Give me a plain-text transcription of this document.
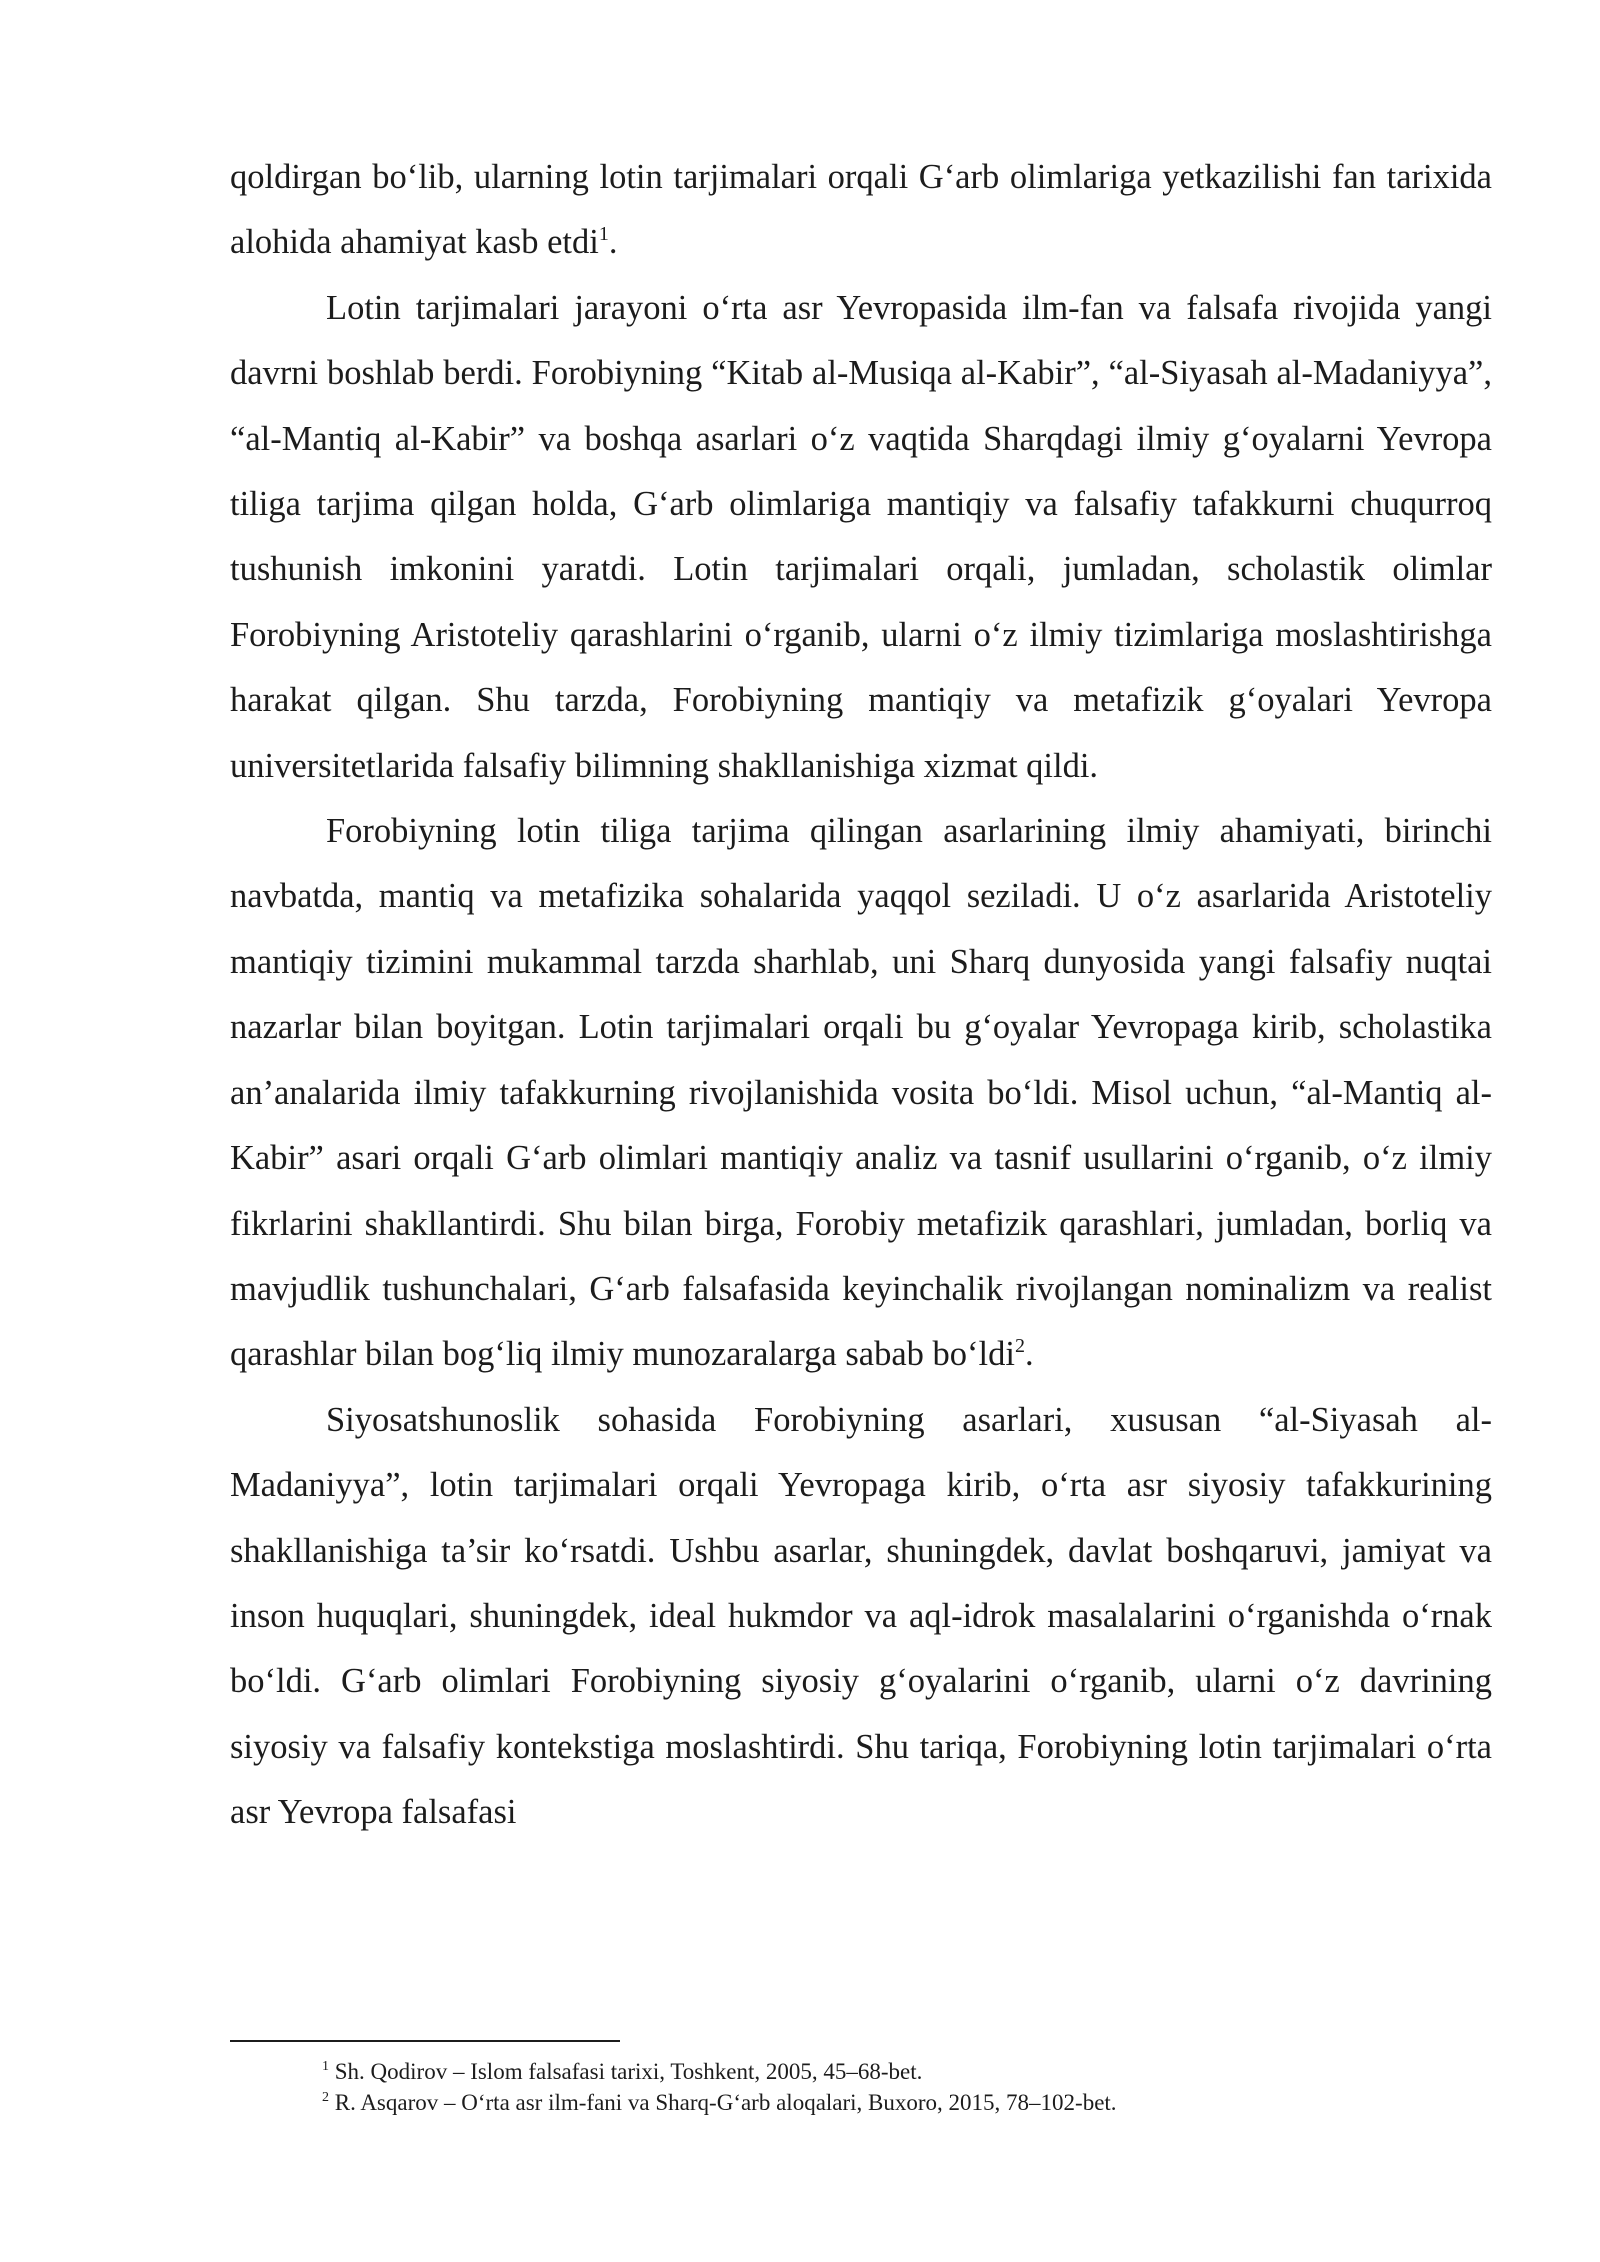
qoldirgan bo‘lib, ularning lotin tarjimalari orqali G‘arb olimlariga yetkazilishi fan tarixida alohida ahamiyat kasb etdi$^1$.

Lotin tarjimalari jarayoni o‘rta asr Yevropasida ilm-fan va falsafa rivojida yangi davrni boshlab berdi. Forobiyning “Kitab al-Musiqa al-Kabir”, “al-Siyasah al-Madaniyya”, “al-Mantiq al-Kabir” va boshqa asarlari o‘z vaqtida Sharqdagi ilmiy g‘oyalarni Yevropa tiliga tarjima qilgan holda, G‘arb olimlariga mantiqiy va falsafiy tafakkurni chuqurroq tushunish imkonini yaratdi. Lotin tarjimalari orqali, jumladan, scholastik olimlar Forobiyning Aristoteliy qarashlarini o‘rganib, ularni o‘z ilmiy tizimlariga moslashtirishga harakat qilgan. Shu tarzda, Forobiyning mantiqiy va metafizik g‘oyalari Yevropa universitetlarida falsafiy bilimning shakllanishiga xizmat qildi.

Forobiyning lotin tiliga tarjima qilingan asarlarining ilmiy ahamiyati, birinchi navbatda, mantiq va metafizika sohalarida yaqqol seziladi. U o‘z asarlarida Aristoteliy mantiqiy tizimini mukammal tarzda sharhlab, uni Sharq dunyosida yangi falsafiy nuqtai nazarlar bilan boyitgan. Lotin tarjimalari orqali bu g‘oyalar Yevropaga kirib, scholastika an’analarida ilmiy tafakkurning rivojlanishida vosita bo‘ldi. Misol uchun, “al-Mantiq al-Kabir” asari orqali G‘arb olimlari mantiqiy analiz va tasnif usullarini o‘rganib, o‘z ilmiy fikrlarini shakllantirdi. Shu bilan birga, Forobiy metafizik qarashlari, jumladan, borliq va mavjudlik tushunchalari, G‘arb falsafasida keyinchalik rivojlangan nominalizm va realist qarashlar bilan bog‘liq ilmiy munozaralarga sabab bo‘ldi$^2$.

Siyosatshunoslik sohasida Forobiyning asarlari, xususan “al-Siyasah al-Madaniyya”, lotin tarjimalari orqali Yevropaga kirib, o‘rta asr siyosiy tafakkurining shakllanishiga ta’sir ko‘rsatdi. Ushbu asarlar, shuningdek, davlat boshqaruvi, jamiyat va inson huquqlari, shuningdek, ideal hukmdor va aql-idrok masalalarini o‘rganishda o‘rnak bo‘ldi. G‘arb olimlari Forobiyning siyosiy g‘oyalarini o‘rganib, ularni o‘z davrining siyosiy va falsafiy kontekstiga moslashtirdi. Shu tariqa, Forobiyning lotin tarjimalari o‘rta asr Yevropa falsafasi

$^1$ Sh. Qodirov – Islom falsafasi tarixi, Toshkent, 2005, 45–68-bet.
$^2$ R. Asqarov – O‘rta asr ilm-fani va Sharq-G‘arb aloqalari, Buxoro, 2015, 78–102-bet.
